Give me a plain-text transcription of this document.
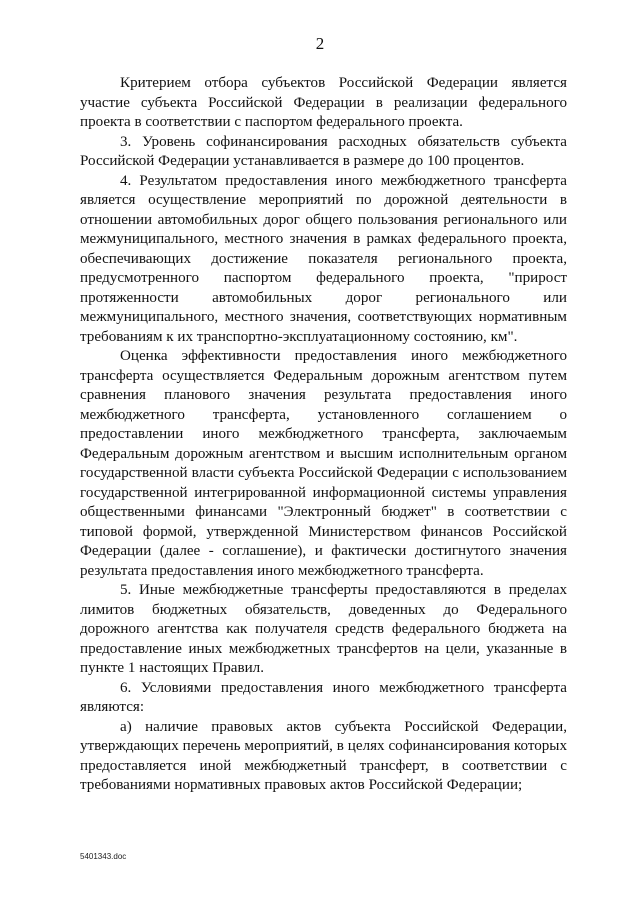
2

Критерием отбора субъектов Российской Федерации является участие субъекта Российской Федерации в реализации федерального проекта в соответствии с паспортом федерального проекта.

3. Уровень софинансирования расходных обязательств субъекта Российской Федерации устанавливается в размере до 100 процентов.

4. Результатом предоставления иного межбюджетного трансферта является осуществление мероприятий по дорожной деятельности в отношении автомобильных дорог общего пользования регионального или межмуниципального, местного значения в рамках федерального проекта, обеспечивающих достижение показателя регионального проекта, предусмотренного паспортом федерального проекта, "прирост протяженности автомобильных дорог регионального или межмуниципального, местного значения, соответствующих нормативным требованиям к их транспортно-эксплуатационному состоянию, км".

Оценка эффективности предоставления иного межбюджетного трансферта осуществляется Федеральным дорожным агентством путем сравнения планового значения результата предоставления иного межбюджетного трансферта, установленного соглашением о предоставлении иного межбюджетного трансферта, заключаемым Федеральным дорожным агентством и высшим исполнительным органом государственной власти субъекта Российской Федерации с использованием государственной интегрированной информационной системы управления общественными финансами "Электронный бюджет" в соответствии с типовой формой, утвержденной Министерством финансов Российской Федерации (далее - соглашение), и фактически достигнутого значения результата предоставления иного межбюджетного трансферта.

5. Иные межбюджетные трансферты предоставляются в пределах лимитов бюджетных обязательств, доведенных до Федерального дорожного агентства как получателя средств федерального бюджета на предоставление иных межбюджетных трансфертов на цели, указанные в пункте 1 настоящих Правил.

6. Условиями предоставления иного межбюджетного трансферта являются:

а) наличие правовых актов субъекта Российской Федерации, утверждающих перечень мероприятий, в целях софинансирования которых предоставляется иной межбюджетный трансферт, в соответствии с требованиями нормативных правовых актов Российской Федерации;

5401343.doc
